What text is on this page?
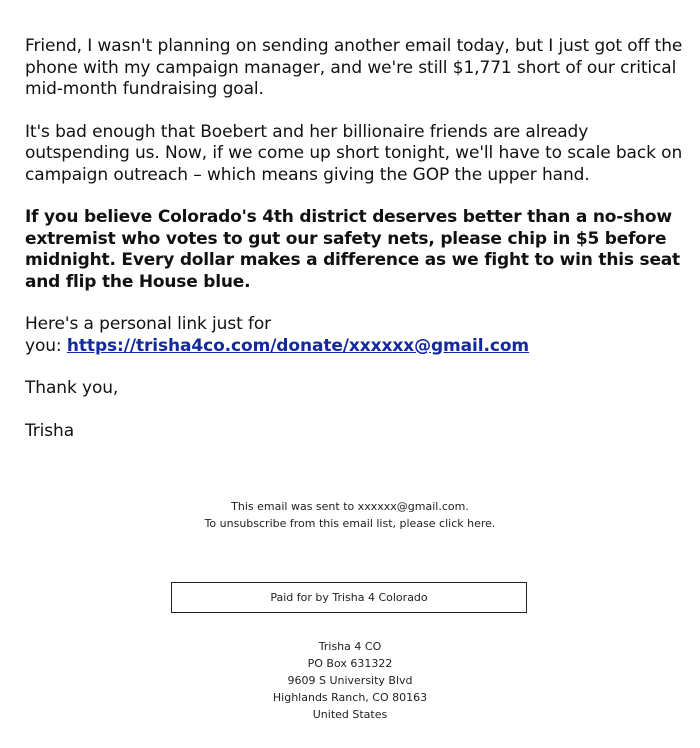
Friend, I wasn't planning on sending another email today, but I just got off the phone with my campaign manager, and we're still $1,771 short of our critical mid-month fundraising goal.

It's bad enough that Boebert and her billionaire friends are already outspending us. Now, if we come up short tonight, we'll have to scale back on campaign outreach – which means giving the GOP the upper hand.

If you believe Colorado's 4th district deserves better than a no-show extremist who votes to gut our safety nets, please chip in $5 before midnight. Every dollar makes a difference as we fight to win this seat and flip the House blue.

Here's a personal link just for
you: https://trisha4co.com/donate/xxxxxx@gmail.com

Thank you,

Trisha

This email was sent to xxxxxx@gmail.com.
To unsubscribe from this email list, please click here.
Paid for by Trisha 4 Colorado
Trisha 4 CO
PO Box 631322
9609 S University Blvd
Highlands Ranch, CO 80163
United States
